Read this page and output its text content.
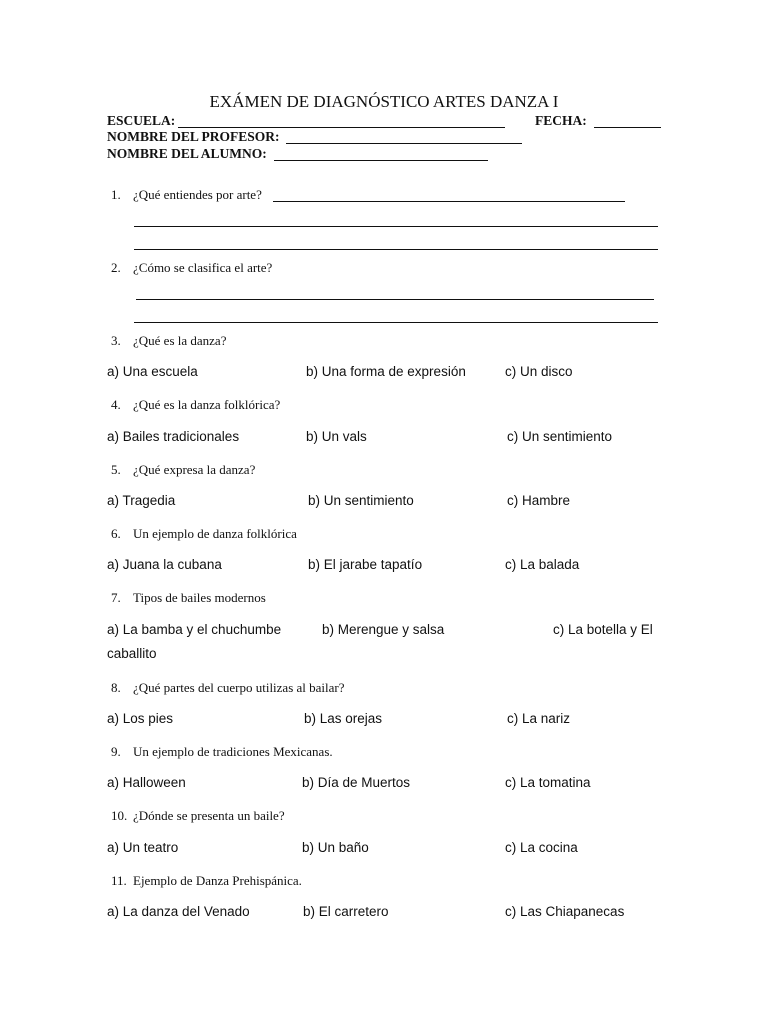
EXÁMEN DE DIAGNÓSTICO ARTES DANZA I
ESCUELA:	FECHA:
NOMBRE DEL PROFESOR:
NOMBRE DEL ALUMNO:
1. ¿Qué entiendes por arte?
2. ¿Cómo se clasifica el arte?
3. ¿Qué es la danza?
a) Una escuela	b) Una forma de expresión	c) Un disco
4. ¿Qué es la danza folklórica?
a) Bailes tradicionales	b) Un vals	c) Un sentimiento
5. ¿Qué expresa la danza?
a) Tragedia	b) Un sentimiento	c) Hambre
6. Un ejemplo de danza folklórica
a) Juana la cubana	b) El jarabe tapatío	c) La balada
7. Tipos de bailes modernos
a) La bamba y el chuchumbe	b) Merengue y salsa	c) La botella y El
caballito
8. ¿Qué partes del cuerpo utilizas al bailar?
a) Los pies	b) Las orejas	c) La nariz
9. Un ejemplo de tradiciones Mexicanas.
a) Halloween	b) Día de Muertos	c) La tomatina
10. ¿Dónde se presenta un baile?
a) Un teatro	b) Un baño	c) La cocina
11. Ejemplo de Danza Prehispánica.
a) La danza del Venado	b) El carretero	c) Las Chiapanecas
